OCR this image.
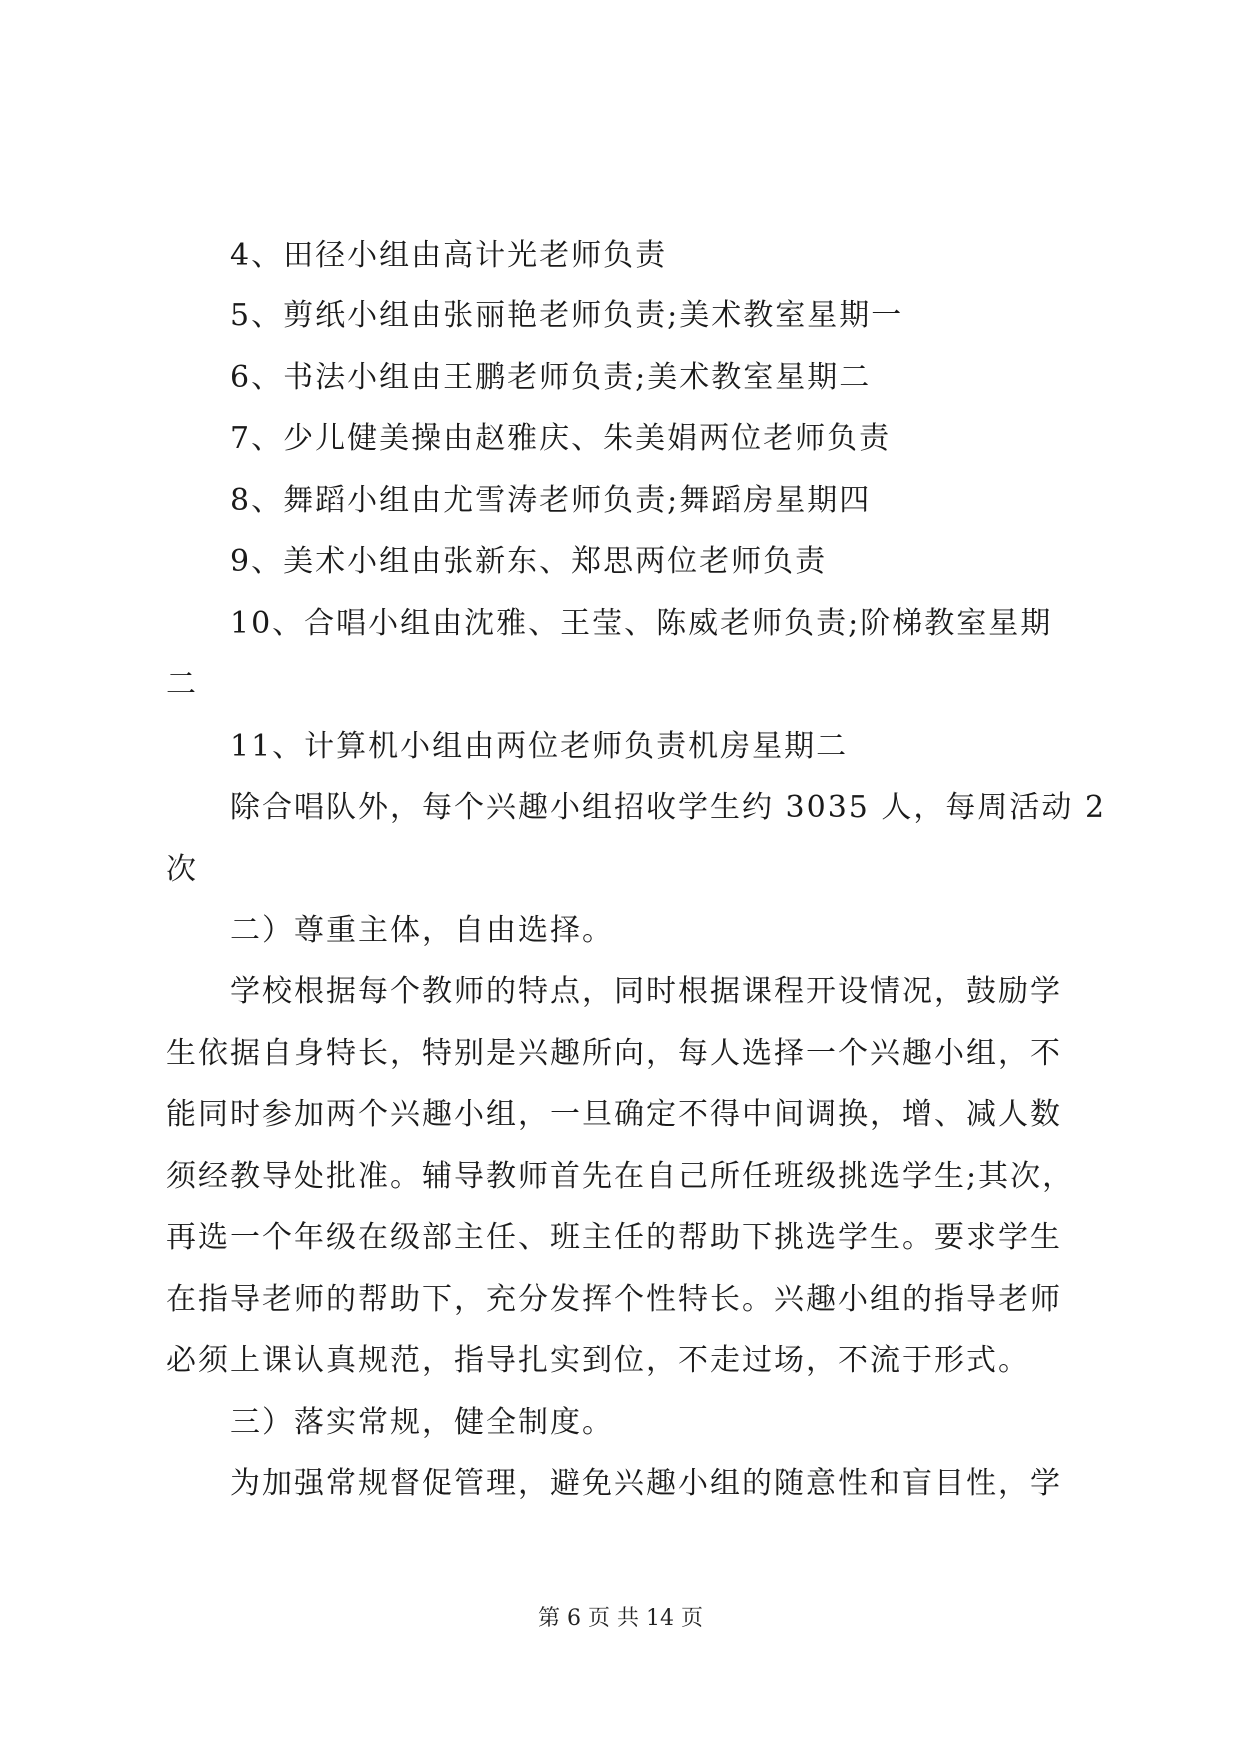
4、田径小组由高计光老师负责
5、剪纸小组由张丽艳老师负责;美术教室星期一
6、书法小组由王鹏老师负责;美术教室星期二
7、少儿健美操由赵雅庆、朱美娟两位老师负责
8、舞蹈小组由尤雪涛老师负责;舞蹈房星期四
9、美术小组由张新东、郑思两位老师负责
10、合唱小组由沈雅、王莹、陈威老师负责;阶梯教室星期
二
11、计算机小组由两位老师负责机房星期二
除合唱队外，每个兴趣小组招收学生约 3035 人，每周活动 2
次
二）尊重主体，自由选择。
学校根据每个教师的特点，同时根据课程开设情况，鼓励学
生依据自身特长，特别是兴趣所向，每人选择一个兴趣小组，不
能同时参加两个兴趣小组，一旦确定不得中间调换，增、减人数
须经教导处批准。辅导教师首先在自己所任班级挑选学生;其次，
再选一个年级在级部主任、班主任的帮助下挑选学生。要求学生
在指导老师的帮助下，充分发挥个性特长。兴趣小组的指导老师
必须上课认真规范，指导扎实到位，不走过场，不流于形式。
三）落实常规，健全制度。
为加强常规督促管理，避免兴趣小组的随意性和盲目性，学
第 6 页 共 14 页
